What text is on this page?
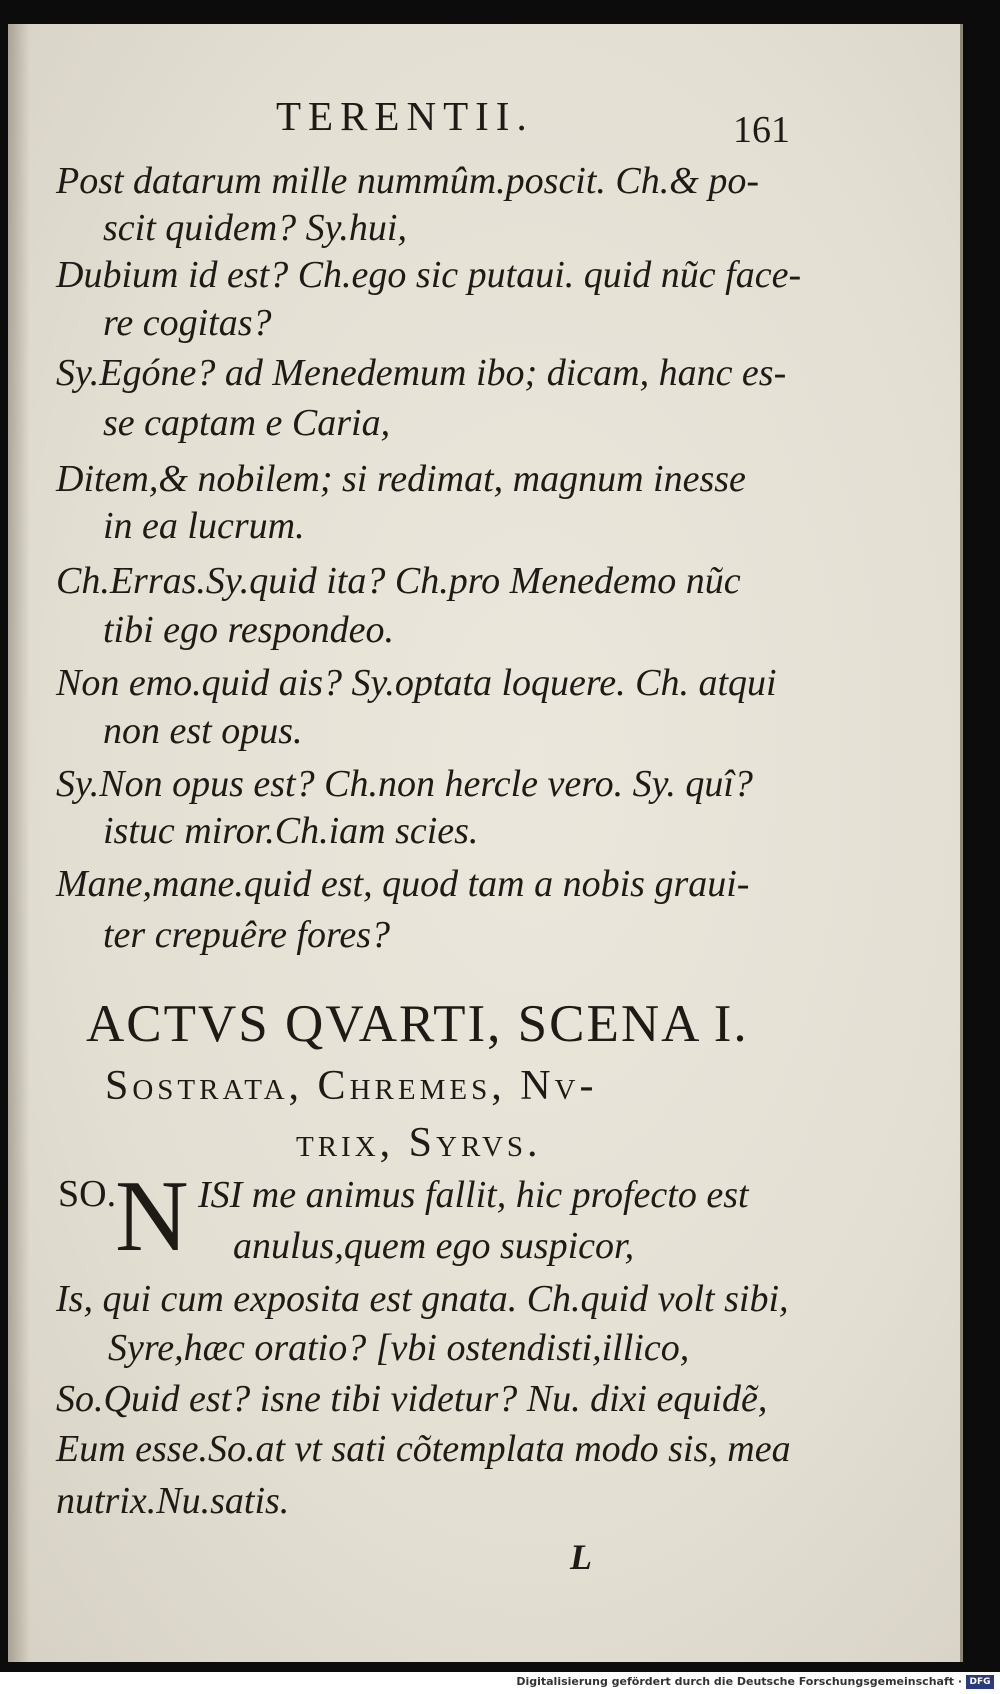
TERENTII.	161
Post datarum mille nummûm.poscit. Ch.& po-
scit quidem? Sy.hui,
Dubium id est? Ch.ego sic putaui. quid nũc face-
re cogitas?
Sy.Egóne? ad Menedemum ibo; dicam, hanc es-
se captam e Caria,
Ditem,& nobilem; si redimat, magnum inesse
in ea lucrum.
Ch.Erras.Sy.quid ita? Ch.pro Menedemo nũc
tibi ego respondeo.
Non emo.quid ais? Sy.optata loquere. Ch. atqui
non est opus.
Sy.Non opus est? Ch.non hercle vero. Sy. quî?
istuc miror.Ch.iam scies.
Mane,mane.quid est, quod tam a nobis graui-
ter crepuêre fores?
ACTVS QVARTI, SCENA I.
Sostrata, Chremes, Nv-
trix, Syrvs.
SO.
N ISI me animus fallit, hic profecto est
anulus,quem ego suspicor,
Is, qui cum exposita est gnata. Ch.quid volt sibi,
Syre,hæc oratio? [vbi ostendisti,illico,
So.Quid est? isne tibi videtur? Nu. dixi equidẽ,
Eum esse.So.at vt sati cõtemplata modo sis, mea
nutrix.Nu.satis.
L
Digitalisierung gefördert durch die Deutsche Forschungsgemeinschaft · DFG
